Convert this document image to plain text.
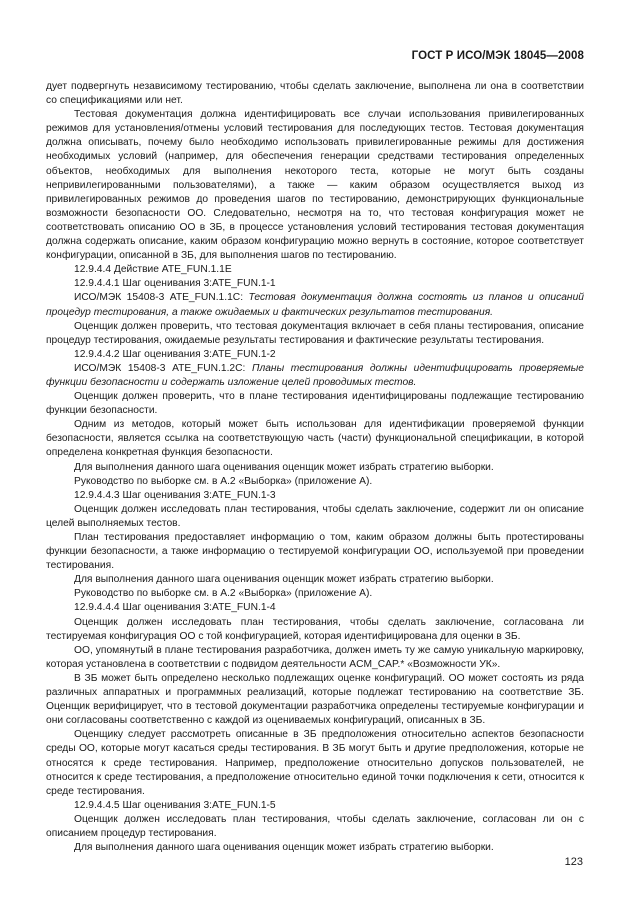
ГОСТ Р ИСО/МЭК 18045—2008

дует подвергнуть независимому тестированию, чтобы сделать заключение, выполнена ли она в соответствии со спецификациями или нет.

Тестовая документация должна идентифицировать все случаи использования привилегированных режимов для установления/отмены условий тестирования для последующих тестов. Тестовая документация должна описывать, почему было необходимо использовать привилегированные режимы для достижения необходимых условий (например, для обеспечения генерации средствами тестирования определенных объектов, необходимых для выполнения некоторого теста, которые не могут быть созданы непривилегированными пользователями), а также — каким образом осуществляется выход из привилегированных режимов до проведения шагов по тестированию, демонстрирующих функциональные возможности безопасности ОО. Следовательно, несмотря на то, что тестовая конфигурация может не соответствовать описанию ОО в ЗБ, в процессе установления условий тестирования тестовая документация должна содержать описание, каким образом конфигурацию можно вернуть в состояние, которое соответствует конфигурации, описанной в ЗБ, для выполнения шагов по тестированию.

12.9.4.4 Действие ATE_FUN.1.1E

12.9.4.4.1 Шаг оценивания 3:ATE_FUN.1-1

ИСО/МЭК 15408-3 ATE_FUN.1.1C: Тестовая документация должна состоять из планов и описаний процедур тестирования, а также ожидаемых и фактических результатов тестирования.

Оценщик должен проверить, что тестовая документация включает в себя планы тестирования, описание процедур тестирования, ожидаемые результаты тестирования и фактические результаты тестирования.

12.9.4.4.2 Шаг оценивания 3:ATE_FUN.1-2

ИСО/МЭК 15408-3 ATE_FUN.1.2C: Планы тестирования должны идентифицировать проверяемые функции безопасности и содержать изложение целей проводимых тестов.

Оценщик должен проверить, что в плане тестирования идентифицированы подлежащие тестированию функции безопасности.

Одним из методов, который может быть использован для идентификации проверяемой функции безопасности, является ссылка на соответствующую часть (части) функциональной спецификации, в которой определена конкретная функция безопасности.

Для выполнения данного шага оценивания оценщик может избрать стратегию выборки.

Руководство по выборке см. в А.2 «Выборка» (приложение А).

12.9.4.4.3 Шаг оценивания 3:ATE_FUN.1-3

Оценщик должен исследовать план тестирования, чтобы сделать заключение, содержит ли он описание целей выполняемых тестов.

План тестирования предоставляет информацию о том, каким образом должны быть протестированы функции безопасности, а также информацию о тестируемой конфигурации ОО, используемой при проведении тестирования.

Для выполнения данного шага оценивания оценщик может избрать стратегию выборки.

Руководство по выборке см. в А.2 «Выборка» (приложение А).

12.9.4.4.4 Шаг оценивания 3:ATE_FUN.1-4

Оценщик должен исследовать план тестирования, чтобы сделать заключение, согласована ли тестируемая конфигурация ОО с той конфигурацией, которая идентифицирована для оценки в ЗБ.

ОО, упомянутый в плане тестирования разработчика, должен иметь ту же самую уникальную маркировку, которая установлена в соответствии с подвидом деятельности ACM_CAP.* «Возможности УК».

В ЗБ может быть определено несколько подлежащих оценке конфигураций. ОО может состоять из ряда различных аппаратных и программных реализаций, которые подлежат тестированию на соответствие ЗБ. Оценщик верифицирует, что в тестовой документации разработчика определены тестируемые конфигурации и они согласованы соответственно с каждой из оцениваемых конфигураций, описанных в ЗБ.

Оценщику следует рассмотреть описанные в ЗБ предположения относительно аспектов безопасности среды ОО, которые могут касаться среды тестирования. В ЗБ могут быть и другие предположения, которые не относятся к среде тестирования. Например, предположение относительно допусков пользователей, не относится к среде тестирования, а предположение относительно единой точки подключения к сети, относится к среде тестирования.

12.9.4.4.5 Шаг оценивания 3:ATE_FUN.1-5

Оценщик должен исследовать план тестирования, чтобы сделать заключение, согласован ли он с описанием процедур тестирования.

Для выполнения данного шага оценивания оценщик может избрать стратегию выборки.

123
